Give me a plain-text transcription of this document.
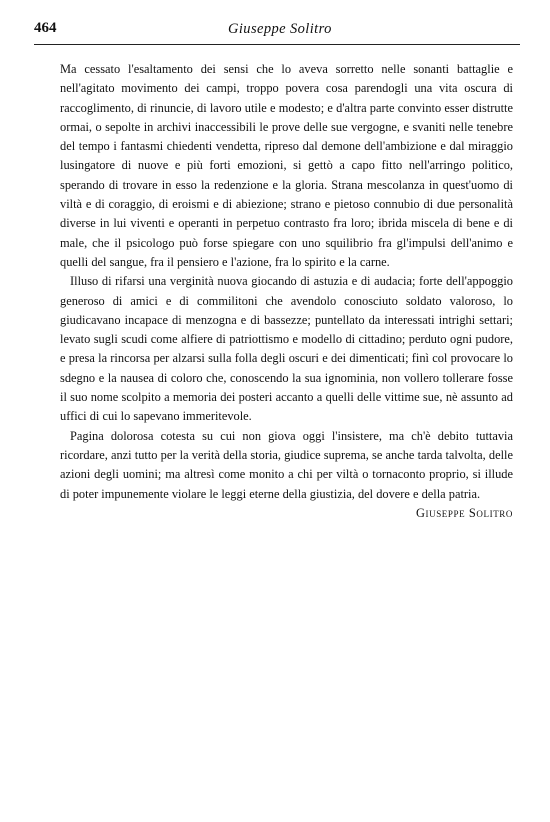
464	Giuseppe Solitro

Ma cessato l'esaltamento dei sensi che lo aveva sorretto nelle sonanti battaglie e nell'agitato movimento dei campi, troppo povera cosa parendogli una vita oscura di raccoglimento, di rinuncie, di lavoro utile e modesto; e d'altra parte convinto esser distrutte ormai, o sepolte in archivi inaccessibili le prove delle sue vergogne, e svaniti nelle tenebre del tempo i fantasmi chiedenti vendetta, ripreso dal demone dell'ambizione e dal miraggio lusingatore di nuove e più forti emozioni, si gettò a capo fitto nell'arringo politico, sperando di trovare in esso la redenzione e la gloria. Strana mescolanza in quest'uomo di viltà e di coraggio, di eroismi e di abiezione; strano e pietoso connubio di due personalità diverse in lui viventi e operanti in perpetuo contrasto fra loro; ibrida miscela di bene e di male, che il psicologo può forse spiegare con uno squilibrio fra gl'impulsi dell'animo e quelli del sangue, fra il pensiero e l'azione, fra lo spirito e la carne.

Illuso di rifarsi una verginità nuova giocando di astuzia e di audacia; forte dell'appoggio generoso di amici e di commilitoni che avendolo conosciuto soldato valoroso, lo giudicavano incapace di menzogna e di bassezze; puntellato da interessati intrighi settari; levato sugli scudi come alfiere di patriottismo e modello di cittadino; perduto ogni pudore, e presa la rincorsa per alzarsi sulla folla degli oscuri e dei dimenticati; finì col provocare lo sdegno e la nausea di coloro che, conoscendo la sua ignominia, non vollero tollerare fosse il suo nome scolpito a memoria dei posteri accanto a quelli delle vittime sue, nè assunto ad uffici di cui lo sapevano immeritevole.

Pagina dolorosa cotesta su cui non giova oggi l'insistere, ma ch'è debito tuttavia ricordare, anzi tutto per la verità della storia, giudice suprema, se anche tarda talvolta, delle azioni degli uomini; ma altresì come monito a chi per viltà o tornaconto proprio, si illude di poter impunemente violare le leggi eterne della giustizia, del dovere e della patria.

Giuseppe Solitro
